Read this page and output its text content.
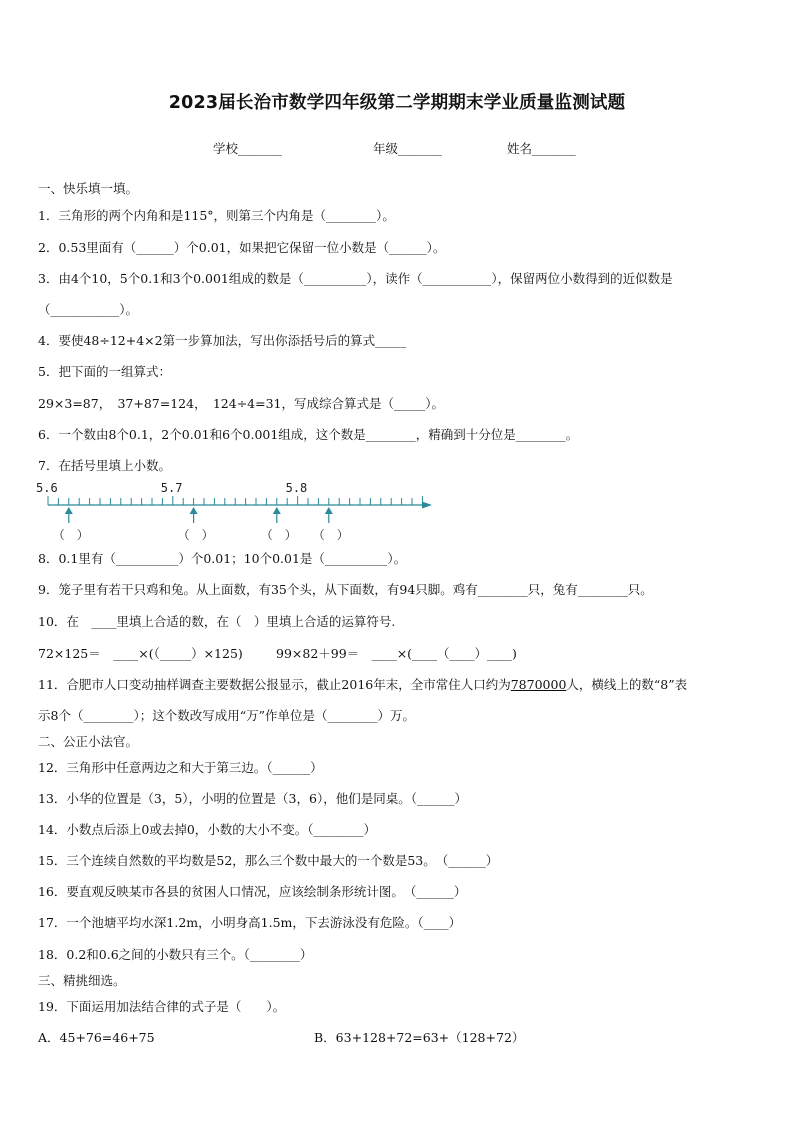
2023届长治市数学四年级第二学期期末学业质量监测试题
学校_______	年级_______	姓名_______
一、快乐填一填。
1．三角形的两个内角和是115°，则第三个内角是（________）。
2．0.53里面有（______）个0.01，如果把它保留一位小数是（______）。
3．由4个10，5个0.1和3个0.001组成的数是（__________），读作（___________），保留两位小数得到的近似数是
（___________）。
4．要使48÷12+4×2第一步算加法，写出你添括号后的算式_____
5．把下面的一组算式：
29×3=87，　37+87=124，　124÷4=31，写成综合算式是（_____）。
6．一个数由8个0.1，2个0.01和6个0.001组成，这个数是________，精确到十分位是________。
7．在括号里填上小数。
5.6	5.7	5.8
（　）	（　）	（　） （　）
8．0.1里有（__________）个0.01；10个0.01是（__________）。
9．笼子里有若干只鸡和兔。从上面数，有35个头，从下面数，有94只脚。鸡有________只，兔有________只。
10．在　____里填上合适的数，在（　）里填上合适的运算符号.
72×125＝　____×(（_____）×125)	99×82＋99＝　____×(____（____）____)
11．合肥市人口变动抽样调查主要数据公报显示，截止2016年末，全市常住人口约为7870000人，横线上的数“8”表
示8个（________）；这个数改写成用“万”作单位是（________）万。
二、公正小法官。
12．三角形中任意两边之和大于第三边。（______）
13．小华的位置是（3，5），小明的位置是（3，6），他们是同桌。（______）
14．小数点后添上0或去掉0，小数的大小不变。（________）
15．三个连续自然数的平均数是52，那么三个数中最大的一个数是53。　（______）
16．要直观反映某市各县的贫困人口情况，应该绘制条形统计图。　（______）
17．一个池塘平均水深1.2m，小明身高1.5m，下去游泳没有危险。（____）
18．0.2和0.6之间的小数只有三个。（________）
三、精挑细选。
19．下面运用加法结合律的式子是（　　）。
A．45+76=46+75	B．63+128+72=63+（128+72）
